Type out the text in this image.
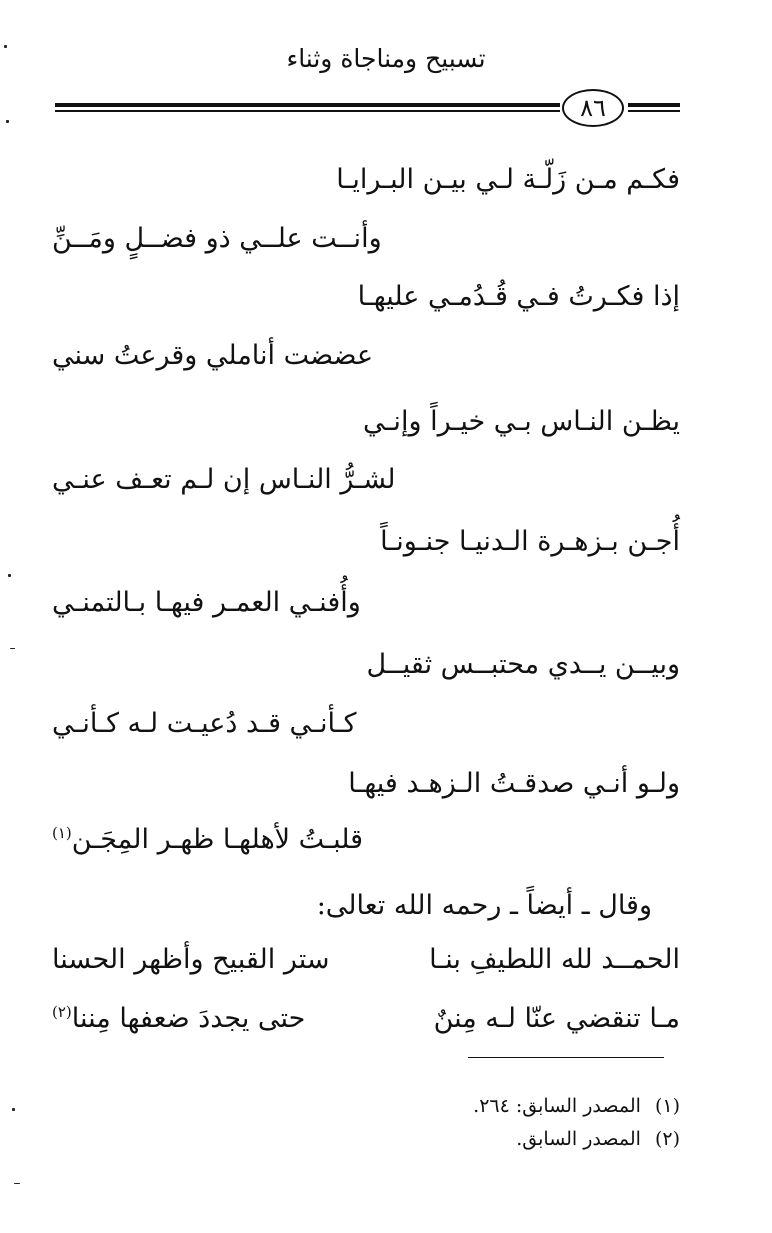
تسبيح ومناجاة وثناء
٨٦
فكـم مـن زَلّـة لـي بيـن البـرايـا
وأنــت علــي ذو فضــلٍ ومَــنِّ
إذا فكـرتُ فـي قُـدُمـي عليهـا
عضضت أناملي وقرعتُ سني
يظـن النـاس بـي خيـراً وإنـي
لشـرُّ النـاس إن لـم تعـف عنـي
أُجـن بـزهـرة الـدنيـا جنـونـاً
وأُفنـي العمـر فيهـا بـالتمنـي
وبيــن يــدي محتبــس ثقيــل
كـأنـي قـد دُعيـت لـه كـأنـي
ولـو أنـي صدقـتُ الـزهـد فيهـا
قلبـتُ لأهلهـا ظهـر المِجَـن$^{(١)}$
وقال ـ أيضاً ـ رحمه الله تعالى:
الحمــد لله اللطيفِ بنـا
ستر القبيح وأظهر الحسنا
مـا تنقضي عنّا لـه مِننٌ
حتى يجددَ ضعفها مِننا$^{(٢)}$
(١)المصدر السابق: ٢٦٤.
(٢)المصدر السابق.
